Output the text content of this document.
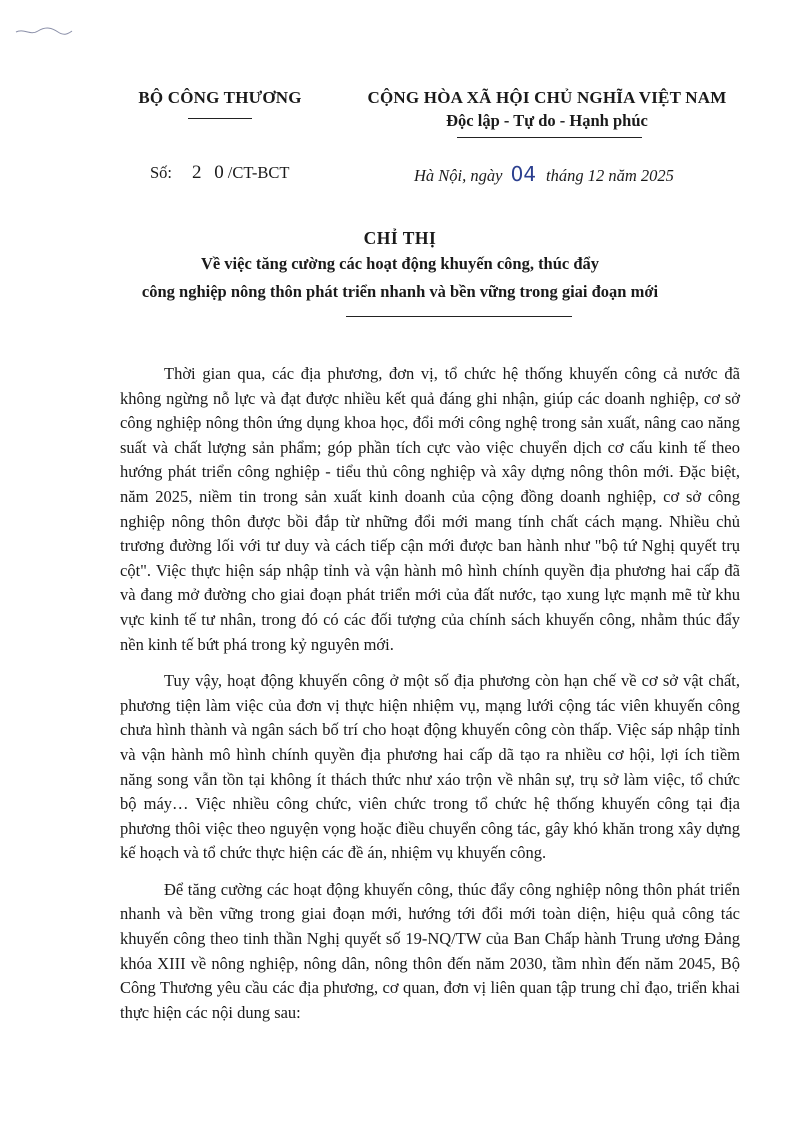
BỘ CÔNG THƯƠNG	CỘNG HÒA XÃ HỘI CHỦ NGHĨA VIỆT NAM
Độc lập - Tự do - Hạnh phúc
Số: 2 0/CT-BCT	Hà Nội, ngày 04 tháng 12 năm 2025
CHỈ THỊ
Về việc tăng cường các hoạt động khuyến công, thúc đẩy
công nghiệp nông thôn phát triển nhanh và bền vững trong giai đoạn mới

Thời gian qua, các địa phương, đơn vị, tổ chức hệ thống khuyến công cả nước đã không ngừng nỗ lực và đạt được nhiều kết quả đáng ghi nhận, giúp các doanh nghiệp, cơ sở công nghiệp nông thôn ứng dụng khoa học, đổi mới công nghệ trong sản xuất, nâng cao năng suất và chất lượng sản phẩm; góp phần tích cực vào việc chuyển dịch cơ cấu kinh tế theo hướng phát triển công nghiệp - tiểu thủ công nghiệp và xây dựng nông thôn mới. Đặc biệt, năm 2025, niềm tin trong sản xuất kinh doanh của cộng đồng doanh nghiệp, cơ sở công nghiệp nông thôn được bồi đắp từ những đổi mới mang tính chất cách mạng. Nhiều chủ trương đường lối với tư duy và cách tiếp cận mới được ban hành như "bộ tứ Nghị quyết trụ cột". Việc thực hiện sáp nhập tỉnh và vận hành mô hình chính quyền địa phương hai cấp đã và đang mở đường cho giai đoạn phát triển mới của đất nước, tạo xung lực mạnh mẽ từ khu vực kinh tế tư nhân, trong đó có các đối tượng của chính sách khuyến công, nhằm thúc đẩy nền kinh tế bứt phá trong kỷ nguyên mới.

Tuy vậy, hoạt động khuyến công ở một số địa phương còn hạn chế về cơ sở vật chất, phương tiện làm việc của đơn vị thực hiện nhiệm vụ, mạng lưới cộng tác viên khuyến công chưa hình thành và ngân sách bố trí cho hoạt động khuyến công còn thấp. Việc sáp nhập tỉnh và vận hành mô hình chính quyền địa phương hai cấp dã tạo ra nhiều cơ hội, lợi ích tiềm năng song vẫn tồn tại không ít thách thức như xáo trộn về nhân sự, trụ sở làm việc, tổ chức bộ máy… Việc nhiều công chức, viên chức trong tổ chức hệ thống khuyến công tại địa phương thôi việc theo nguyện vọng hoặc điều chuyển công tác, gây khó khăn trong xây dựng kế hoạch và tổ chức thực hiện các đề án, nhiệm vụ khuyến công.

Để tăng cường các hoạt động khuyến công, thúc đẩy công nghiệp nông thôn phát triển nhanh và bền vững trong giai đoạn mới, hướng tới đổi mới toàn diện, hiệu quả công tác khuyến công theo tinh thần Nghị quyết số 19-NQ/TW của Ban Chấp hành Trung ương Đảng khóa XIII về nông nghiệp, nông dân, nông thôn đến năm 2030, tầm nhìn đến năm 2045, Bộ Công Thương yêu cầu các địa phương, cơ quan, đơn vị liên quan tập trung chỉ đạo, triển khai thực hiện các nội dung sau:
